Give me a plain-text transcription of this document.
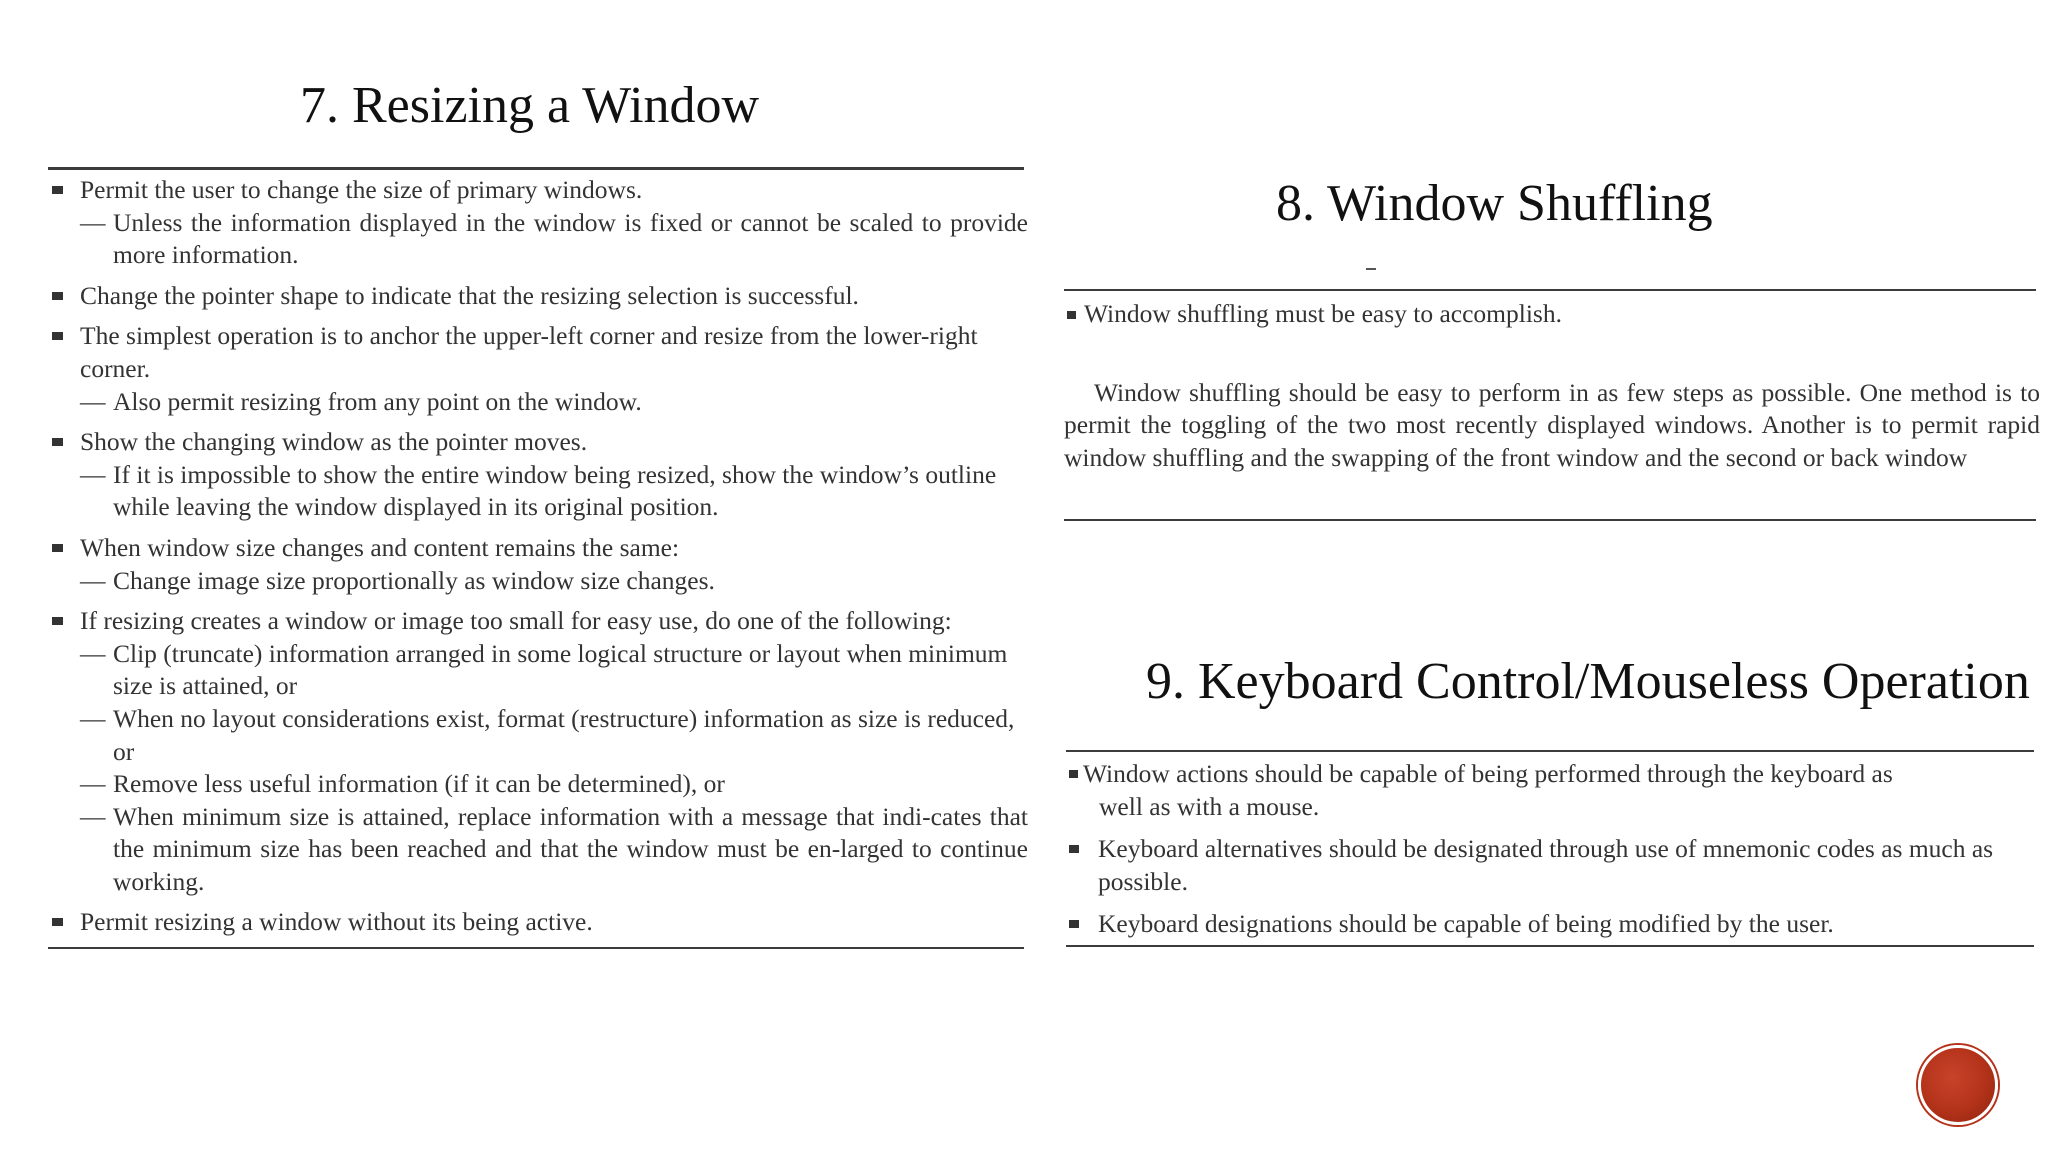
7. Resizing a Window
8. Window Shuffling
9. Keyboard Control/Mouseless Operation
Permit the user to change the size of primary windows.
— Unless the information displayed in the window is fixed or cannot be scaled to provide more information.
Change the pointer shape to indicate that the resizing selection is successful.
The simplest operation is to anchor the upper-left corner and resize from the lower-right corner.
— Also permit resizing from any point on the window.
Show the changing window as the pointer moves.
— If it is impossible to show the entire window being resized, show the window’s outline while leaving the window displayed in its original position.
When window size changes and content remains the same:
— Change image size proportionally as window size changes.
If resizing creates a window or image too small for easy use, do one of the following:
— Clip (truncate) information arranged in some logical structure or layout when minimum size is attained, or
— When no layout considerations exist, format (restructure) information as size is reduced, or
— Remove less useful information (if it can be determined), or
— When minimum size is attained, replace information with a message that indi-cates that the minimum size has been reached and that the window must be en-larged to continue working.
Permit resizing a window without its being active.
Window shuffling must be easy to accomplish.
Window shuffling should be easy to perform in as few steps as possible. One method is to permit the toggling of the two most recently displayed windows. Another is to permit rapid window shuffling and the swapping of the front window and the second or back window
Window actions should be capable of being performed through the keyboard as
well as with a mouse.
Keyboard alternatives should be designated through use of mnemonic codes as much as possible.
Keyboard designations should be capable of being modified by the user.
